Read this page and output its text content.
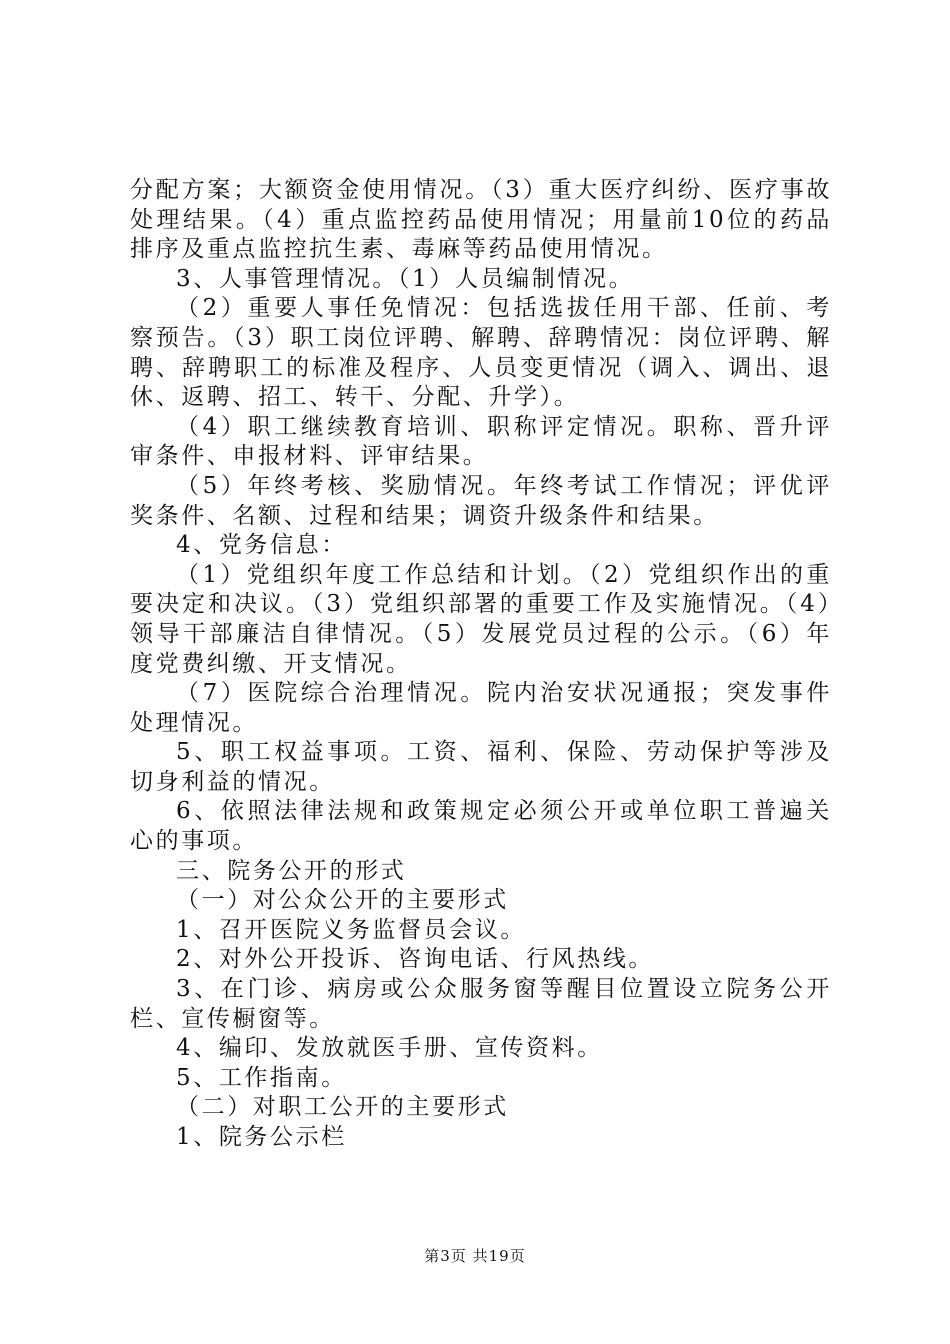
分配方案；大额资金使用情况。（3）重大医疗纠纷、医疗事故处理结果。（4）重点监控药品使用情况；用量前10位的药品排序及重点监控抗生素、毒麻等药品使用情况。

3、人事管理情况。（1）人员编制情况。

（2）重要人事任免情况：包括选拔任用干部、任前、考察预告。（3）职工岗位评聘、解聘、辞聘情况：岗位评聘、解聘、辞聘职工的标准及程序、人员变更情况（调入、调出、退休、返聘、招工、转干、分配、升学）。

（4）职工继续教育培训、职称评定情况。职称、晋升评审条件、申报材料、评审结果。

（5）年终考核、奖励情况。年终考试工作情况；评优评奖条件、名额、过程和结果；调资升级条件和结果。

4、党务信息：

（1）党组织年度工作总结和计划。（2）党组织作出的重要决定和决议。（3）党组织部署的重要工作及实施情况。（4）领导干部廉洁自律情况。（5）发展党员过程的公示。（6）年度党费纠缴、开支情况。

（7）医院综合治理情况。院内治安状况通报；突发事件处理情况。

5、职工权益事项。工资、福利、保险、劳动保护等涉及切身利益的情况。

6、依照法律法规和政策规定必须公开或单位职工普遍关心的事项。

三、院务公开的形式

（一）对公众公开的主要形式

1、召开医院义务监督员会议。

2、对外公开投诉、咨询电话、行风热线。

3、在门诊、病房或公众服务窗等醒目位置设立院务公开栏、宣传橱窗等。

4、编印、发放就医手册、宣传资料。

5、工作指南。

（二）对职工公开的主要形式

1、院务公示栏

第3页 共19页
